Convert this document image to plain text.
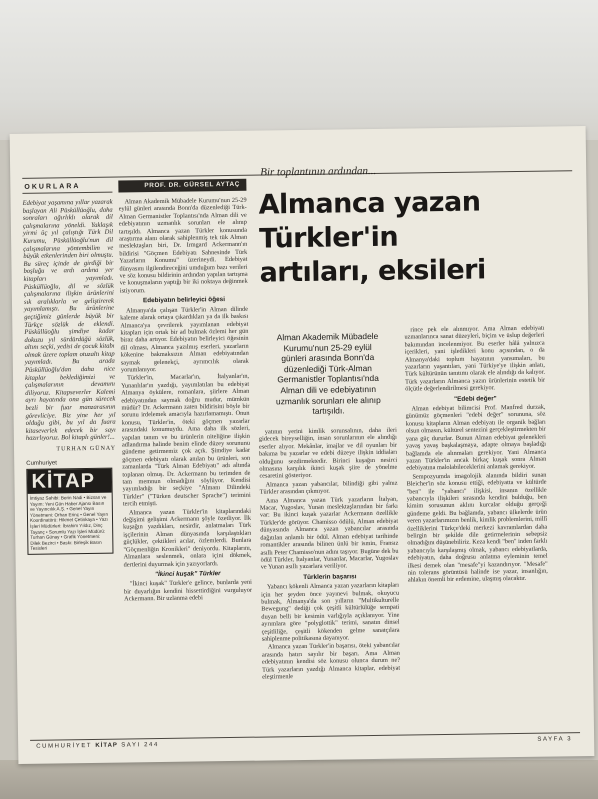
OKURLARA
Edebiyat yaşamına yıllar yazarak başlayan Ali Püsküllüoğlu, daha sonraları ağırlıklı olarak dil çalışmalarına yöneldi. Yaklaşık yirmi üç yıl çalıştığı Türk Dil Kurumu, Püsküllüoğlu'nun dil çalışmalarına yöntembilim ve büyük etkenlerinden biri olmuştu. Bu süreç içinde de girdiği bir boşluğu ve ardı ardına yer kitapları yayımladı. Püsküllüoğlu, dil ve sözlük çalışmalarına ilişkin ürünlerini sık aralıklarla ve geliştirerek yayımlamıştı. Bu ürünlerine geçtiğimiz günlerde büyük bir Türkçe sözlük de eklendi. Püsküllüoğlu şimdiye kadar dokuzu yıl sürdürdüğü sözlük, altını seçki, yedisi de çocuk kitabı olmak üzere toplam otuzaltı kitap yayımladı. Bu arada Püsküllüoğlu'dan daha nice kitaplar beklediğimizi ve çalışmalarının devamını diliyoruz. Kitapseverler Kalemi ayrı hayatında ona gün sürecek bezli bir fuar manzarasının görevliciye. Biz yine her yıl olduğu gibi, bu yıl da fuara kitaseverlek edecek bir sayı hazırlıyoruz. Bol kitaplı günler!...
TURHAN GÜNAY
Cumhuriyet
KİTAP
İmtiyaz Sahibi: Berin Nadi • Bizsan ve Yayım: Yeni Gün Haber Ajansı Basın ve Yayıncılık A.Ş. • Genel Yayın Yönetmeni: Orhan Erinç • Genel Yayın Koordinatörü: Hikmet Çetinkaya • Yazı İşleri Müdürleri: İbrahim Yıldız, Dinç Tayanç • Sorumlu Yazı İşleri Müdürü: Turhan Günay • Grafik Yönetmeni: Dilek Bezirci • Baskı: Birleşik Basın Tesisleri
PROF. DR. GÜRSEL AYTAÇ
Bir toplantının ardından...
Almanca yazan
Türkler'in
artıları, eksileri

Alman Akademik Mübadele Kurumu'nun 25-29 eylül günleri arasında Bonn'da düzenlediği Türk-Alman Germanistler Toplantısı'nda Alman dili ve edebiyatının uzmanlık sorunları ele alınıp tartışıldı. Almanca yazan Türkler konusunda araştırma alanı olarak sahiplenmiş tek tük Alman meslektaşları biri, Dr. Irmgard Ackermann'ın bildirisi "Göçmen Edebiyatı Sahnesinde Türk Yazarların Konumu" üzerineydi. Edebiyat dünyasını ilgilendireceğini umduğum bazı verileri ve söz konusu bildirinin ardından yapılan tartışma ve konuşmaların yaptığı bir iki noktaya değinmek istiyorum.

Edebiyatın belirleyici öğesi

Almanya'da çalışan Türkler'in Alman dilinde kaleme alarak ortaya çıkardıkları ya da ilk baskısı Almanca'ya çevrilerek yayımlanan edebiyat kitapları için ortak bir ad bulmak özlemi her gün biraz daha artıyor. Edebiyatın belirleyici öğesinin dil olması, Almanca yazılmış eserleri, yazarların kökenine bakmaksızın Alman edebiyatından saymak gelenekçi, ayrımcılık olarak yorumlanıyor.

Türkler'in, Macarlar'ın, İtalyanlar'ın, Yunanlılar'ın yazdığı, yayımlatılan bu edebiyat Almanya öykülere, romanlara, şiirlere Alman edebiyatından saymak doğru mudur, mümkün müdür? Dr. Ackermann zaten bildirisini böyle bir sorunu irdelemek amacıyla hazırlamamıştı. Onun konusu, Türkler'in, öteki göçmen yazarlar arasındaki konumuydu. Ama daha ilk sözleri, yapılan tanım ve bu ürünlerin niteliğine ilişkin adlandırma halinde benim elinde düzey sorununu gündeme getirmemiz çok açık. Şimdiye kadar göçmen edebiyatı olarak anılan bu ürünleri, son zamanlarda "Türk Alman Edebiyatı" adı altında toplanan olmuş. Dr. Ackermann bu terimden de tam memnun olmadığını söylüyor. Kendisi yayımladığı bir seçkiye "Almanı Dilindeki Türkler" ("Türken deutscher Sprache") terimini tercih etmişti.

Almanca yazan Türkler'in kitaplarındaki değişimi gelişimi Ackermann şöyle özetliyor. İlk kuşağın yazdıkları, nesirdir, anlatmaları Türk işçilerinin Alman dünyasında karşılaştıkları güçlükler, çektikleri acılar, özlemlerdi. Bunlara "Göçmenliğin Kronikleri" deniyordu. Kitaplarını, Almanlara seslenmek, onlara içini dökmek, dertlerini duyurmak için yazıyorlardı.

"İkinci kuşak" Türkler

"İkinci kuşak" Türkler'e gelince, bunlarda yeni bir duyarlığın kendini hissettirdiğini vurguluyor Ackermann. Bir uzlanma edebi

Alman Akademik Mübadele Kurumu'nun 25-29 eylül günleri arasında Bonn'da düzenlediği Türk-Alman Germanistler Toplantısı'nda Alman dili ve edebiyatının uzmanlık sorunları ele alınıp tartışıldı.

yatının yerini kimlik sorunsalının, daha ileri gidecek bireyselliğin, insan sorunlarının ele alındığı eserler alıyor. Mekânlar, imajlar ve dil oyunları bir bakıma bu yazarlar ve edebi düzeye ilişkin iddiaları olduğunu sezdirmektedir. Birinci kuşağın nesirci olmasına karşılık ikinci kuşak şiire de yönelme cesaretini gösteriyor.

Almanca yazan yabancılar, bilindiği gibi yalnız Türkler arasından çıkmıyor.

Ama Almanca yazan Türk yazarların İtalyan, Macar, Yugoslav, Yunan meslektaşlarından bir farkı var: Bu ikinci kuşak yazarlar Ackermann özellikle Türkler'de görüyor. Chamisso ödülü, Alman edebiyat dünyasında Almanca yazan yabancılar arasında dağıtılan anlamlı bir ödül. Alman edebiyat tarihinde romantikler arasında bilinen ünlü bir ismin, Fransız asıllı Peter Chamisso'nun adını taşıyor. Bugüne dek bu ödül Türkler, İtalyanlar, Yunanlar, Macarlar, Yugoslav ve Yunan asıllı yazarlara veriliyor.

Türklerin başarısı

Yabancı kökenli Almanca yazan yazarların kitapları için her şeyden önce yayınevi bulmak, okuyucu bulmak, Almanya'da son yılların "Multikulturelle Bewegung" dediği çok çeşitli kültürlülüğe sempati duyan belli bir kesimin varlığıyla açıklanıyor. Yine ayrımlara göre "polyglottik" terimi, sanatın dinsel çeşitliliğe, çeşitli kökenden gelme sanatçılara sahiplenme politikasına dayanıyor.

Almanca yazan Türkler'in başarısı, öteki yabancılar arasında hatırı sayılır bir başarı. Ama Alman edebiyatının kendisi söz konusu olunca durum ne? Türk yazarların yazdığı Almanca kitaplar, edebiyat eleştirmenle

rince pek ele alınmıyor. Ama Alman edebiyatı uzmanlarınca sanat düzeyleri, biçim ve üslup değerleri bakımından incelenmiyor. Bu eserler hâlâ yalnızca içerikleri, yani işledikleri konu açısından, o da Almanya'daki toplum hayatının yansımaları, bu yazarların yaşantıları, yani Türkiye'ye ilişkin anlatı, Türk kültürünün tanıtımı olarak ele alındığı da kalıyor. Türk yazarların Almanca yazın ürünlerinin estetik bir ölçütle değerlendirilmesi gerekiyor.

"Edebi değer"

Alman edebiyat bilimcisi Prof. Manfred durzak, günümüz göçmenleri "edebi değer" sorununa, söz konusu kitapların Alman edebiyatı ile organik bağları olsun olmasın, kültürel sentezini gerçekleştirmekten bir yana güç dururlar. Bunun Alman edebiyat gelenekleri yavaş yavaş başkalaşmaya, adapte olmaya başladığı bağlamda ele alınmaları gerekiyor. Yani Almanca yazan Türkler'in ancak birkaç kuşak sonra Alman edebiyatına malolabileceklerini anlamak gerekiyor.

Sempozyumda imagolojik alanında bildiri sunan Bleicher'in söz konusu ettiği, edebiyatta ve kültürde "ben" ile "yabancı" ilişkisi, insanın özellikle yabancıyla ilişkileri sırasında kendini bulduğu, ben kimim sorusunun aklını kurcalar olduğu gerçeği gündeme geldi. Bu bağlamda, yabancı ülkelerde ürün veren yazarlarımızın benlik, kimlik problemlerini, millî özelliklerini Türkçe'deki merkezi kavramlardan daha belirgin bir şekilde dile getirmelerinin sebepsiz olmadığını düşünebiliriz. Keza kendi "ben" inden farklı yabancıyla karşılaşmış olmak, yabancı edebiyatlarda, edebiyatın, daha doğrusu anlatma eyleminin temel ilkesi demek olan "mesafe"yi kazandırıyor. "Mesafe" nin tolerans görüntüsü halinde ise yazar, insanlığın, ahlakın önemli bir erdemine, ulaşmış olacaktır.

CUMHURİYET KİTAP SAYI 244
SAYFA 3
